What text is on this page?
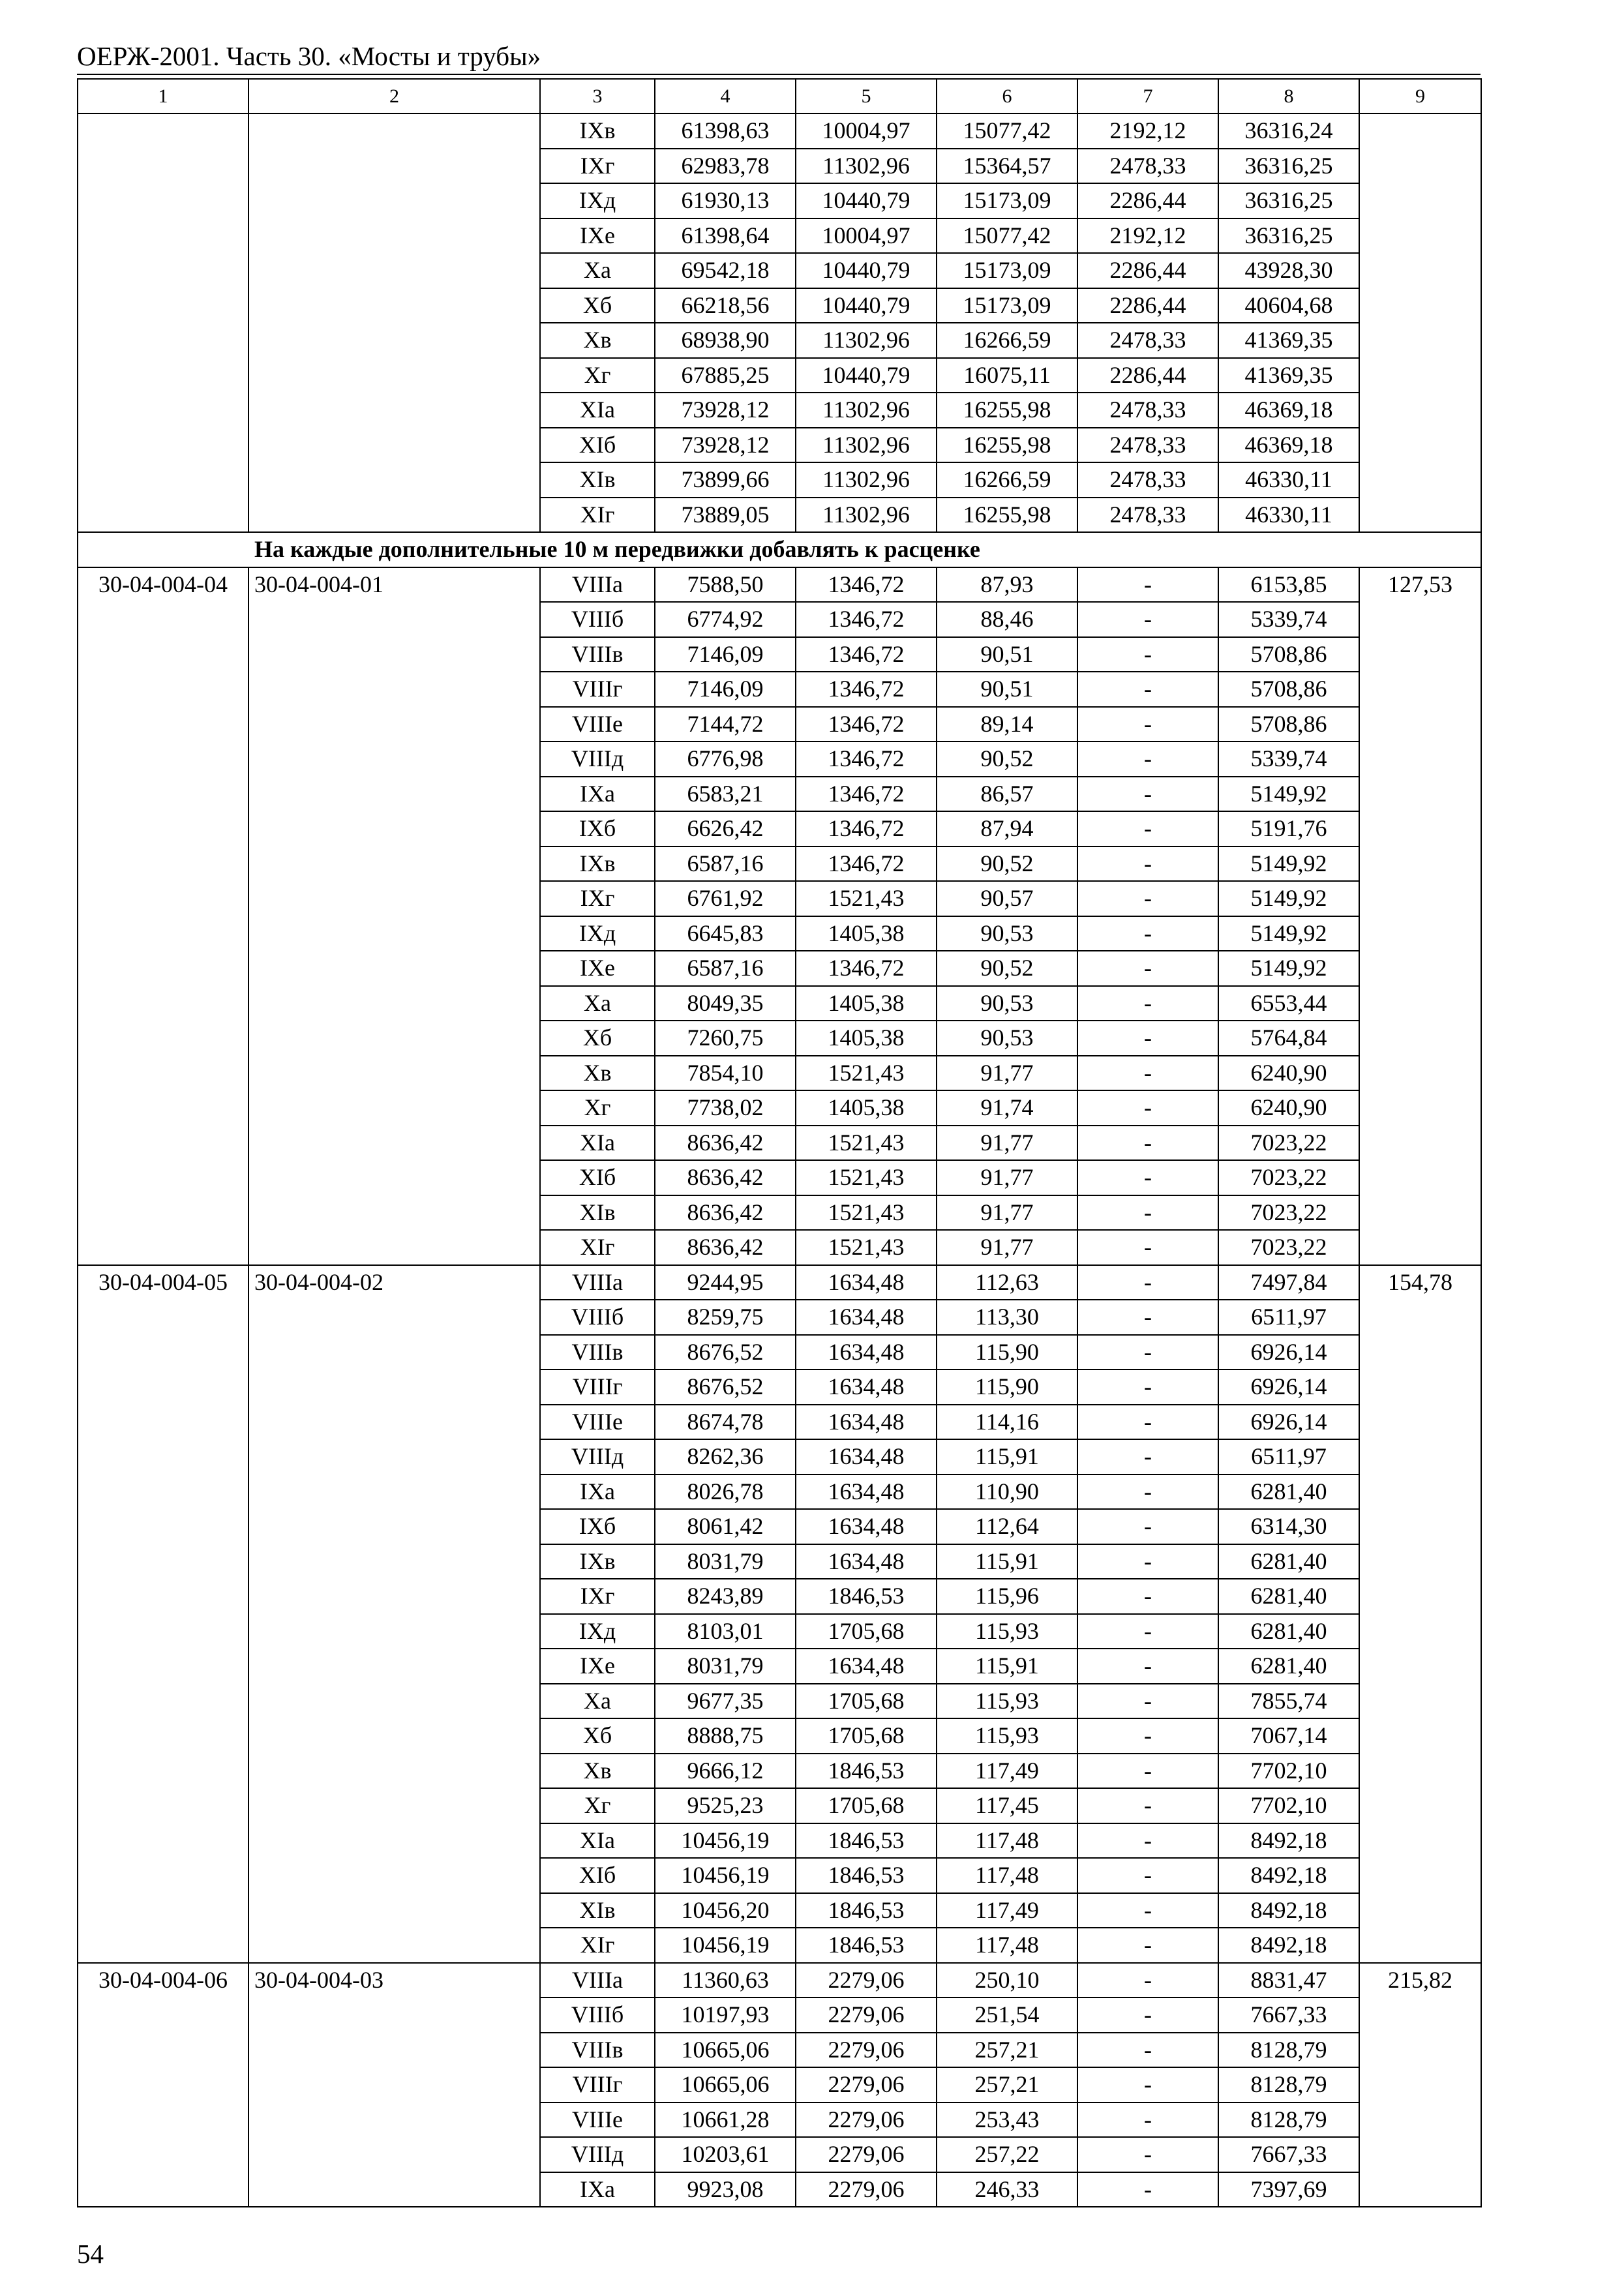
ОЕРЖ-2001. Часть 30. «Мосты и трубы»
1	2	3	4	5	6	7	8	9
		IXв	61398,63	10004,97	15077,42	2192,12	36316,24	
		IXг	62983,78	11302,96	15364,57	2478,33	36316,25	
		IXд	61930,13	10440,79	15173,09	2286,44	36316,25	
		IXе	61398,64	10004,97	15077,42	2192,12	36316,25	
		Xа	69542,18	10440,79	15173,09	2286,44	43928,30	
		Xб	66218,56	10440,79	15173,09	2286,44	40604,68	
		Xв	68938,90	11302,96	16266,59	2478,33	41369,35	
		Xг	67885,25	10440,79	16075,11	2286,44	41369,35	
		XIа	73928,12	11302,96	16255,98	2478,33	46369,18	
		XIб	73928,12	11302,96	16255,98	2478,33	46369,18	
		XIв	73899,66	11302,96	16266,59	2478,33	46330,11	
		XIг	73889,05	11302,96	16255,98	2478,33	46330,11	
На каждые дополнительные 10 м передвижки добавлять к расценке								
30-04-004-04	30-04-004-01	VIIIа	7588,50	1346,72	87,93	-	6153,85	127,53
		VIIIб	6774,92	1346,72	88,46	-	5339,74	
		VIIIв	7146,09	1346,72	90,51	-	5708,86	
		VIIIг	7146,09	1346,72	90,51	-	5708,86	
		VIIIе	7144,72	1346,72	89,14	-	5708,86	
		VIIIд	6776,98	1346,72	90,52	-	5339,74	
		IXа	6583,21	1346,72	86,57	-	5149,92	
		IXб	6626,42	1346,72	87,94	-	5191,76	
		IXв	6587,16	1346,72	90,52	-	5149,92	
		IXг	6761,92	1521,43	90,57	-	5149,92	
		IXд	6645,83	1405,38	90,53	-	5149,92	
		IXе	6587,16	1346,72	90,52	-	5149,92	
		Xа	8049,35	1405,38	90,53	-	6553,44	
		Xб	7260,75	1405,38	90,53	-	5764,84	
		Xв	7854,10	1521,43	91,77	-	6240,90	
		Xг	7738,02	1405,38	91,74	-	6240,90	
		XIа	8636,42	1521,43	91,77	-	7023,22	
		XIб	8636,42	1521,43	91,77	-	7023,22	
		XIв	8636,42	1521,43	91,77	-	7023,22	
		XIг	8636,42	1521,43	91,77	-	7023,22	
30-04-004-05	30-04-004-02	VIIIа	9244,95	1634,48	112,63	-	7497,84	154,78
		VIIIб	8259,75	1634,48	113,30	-	6511,97	
		VIIIв	8676,52	1634,48	115,90	-	6926,14	
		VIIIг	8676,52	1634,48	115,90	-	6926,14	
		VIIIе	8674,78	1634,48	114,16	-	6926,14	
		VIIIд	8262,36	1634,48	115,91	-	6511,97	
		IXа	8026,78	1634,48	110,90	-	6281,40	
		IXб	8061,42	1634,48	112,64	-	6314,30	
		IXв	8031,79	1634,48	115,91	-	6281,40	
		IXг	8243,89	1846,53	115,96	-	6281,40	
		IXд	8103,01	1705,68	115,93	-	6281,40	
		IXе	8031,79	1634,48	115,91	-	6281,40	
		Xа	9677,35	1705,68	115,93	-	7855,74	
		Xб	8888,75	1705,68	115,93	-	7067,14	
		Xв	9666,12	1846,53	117,49	-	7702,10	
		Xг	9525,23	1705,68	117,45	-	7702,10	
		XIа	10456,19	1846,53	117,48	-	8492,18	
		XIб	10456,19	1846,53	117,48	-	8492,18	
		XIв	10456,20	1846,53	117,49	-	8492,18	
		XIг	10456,19	1846,53	117,48	-	8492,18	
30-04-004-06	30-04-004-03	VIIIа	11360,63	2279,06	250,10	-	8831,47	215,82
		VIIIб	10197,93	2279,06	251,54	-	7667,33	
		VIIIв	10665,06	2279,06	257,21	-	8128,79	
		VIIIг	10665,06	2279,06	257,21	-	8128,79	
		VIIIе	10661,28	2279,06	253,43	-	8128,79	
		VIIIд	10203,61	2279,06	257,22	-	7667,33	
		IXа	9923,08	2279,06	246,33	-	7397,69	
54
